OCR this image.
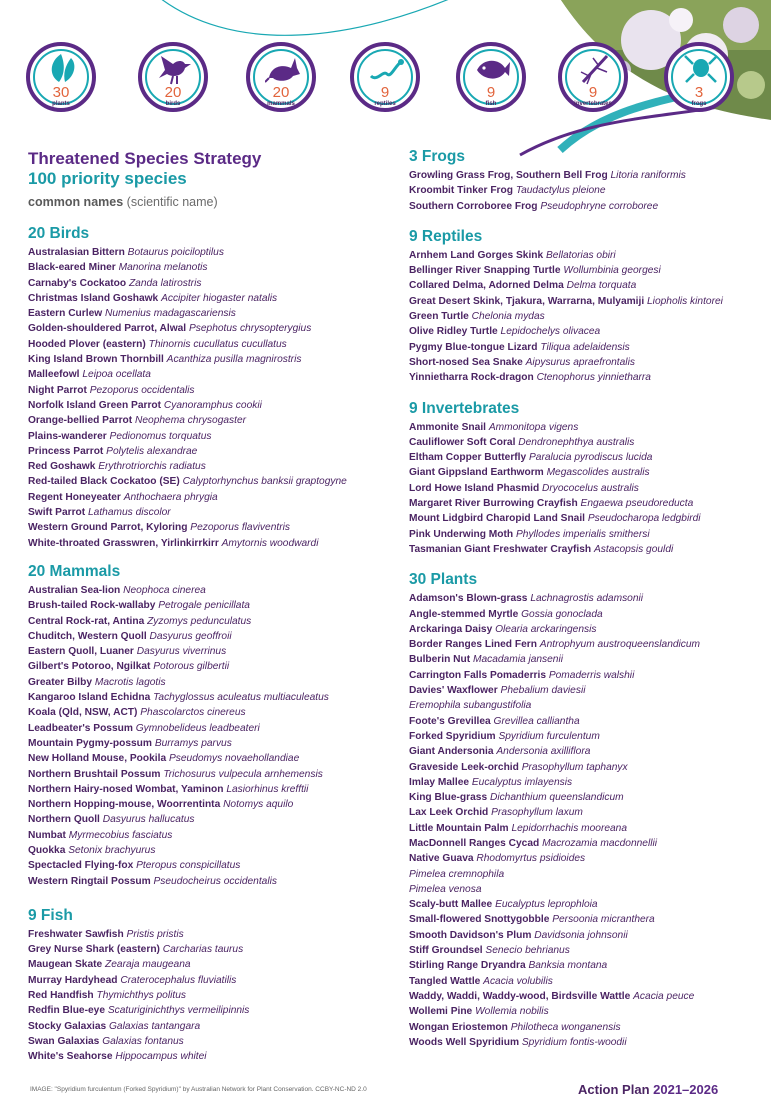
30
plants
20
birds
20
mammals
9
reptiles
9
fish
9
invertebrates
3
frogs
Threatened Species Strategy
100 priority species

common names (scientific name)

20 Birds
Australasian Bittern Botaurus poiciloptilus
Black-eared Miner Manorina melanotis
Carnaby's Cockatoo Zanda latirostris
Christmas Island Goshawk Accipiter hiogaster natalis
Eastern Curlew Numenius madagascariensis
Golden-shouldered Parrot, Alwal Psephotus chrysopterygius
Hooded Plover (eastern) Thinornis cucullatus cucullatus
King Island Brown Thornbill Acanthiza pusilla magnirostris
Malleefowl Leipoa ocellata
Night Parrot Pezoporus occidentalis
Norfolk Island Green Parrot Cyanoramphus cookii
Orange-bellied Parrot Neophema chrysogaster
Plains-wanderer Pedionomus torquatus
Princess Parrot Polytelis alexandrae
Red Goshawk Erythrotriorchis radiatus
Red-tailed Black Cockatoo (SE) Calyptorhynchus banksii graptogyne
Regent Honeyeater Anthochaera phrygia
Swift Parrot Lathamus discolor
Western Ground Parrot, Kyloring Pezoporus flaviventris
White-throated Grasswren, Yirlinkirrkirr Amytornis woodwardi
20 Mammals
Australian Sea-lion Neophoca cinerea
Brush-tailed Rock-wallaby Petrogale penicillata
Central Rock-rat, Antina Zyzomys pedunculatus
Chuditch, Western Quoll Dasyurus geoffroii
Eastern Quoll, Luaner Dasyurus viverrinus
Gilbert's Potoroo, Ngilkat Potorous gilbertii
Greater Bilby Macrotis lagotis
Kangaroo Island Echidna Tachyglossus aculeatus multiaculeatus
Koala (Qld, NSW, ACT) Phascolarctos cinereus
Leadbeater's Possum Gymnobelideus leadbeateri
Mountain Pygmy-possum Burramys parvus
New Holland Mouse, Pookila Pseudomys novaehollandiae
Northern Brushtail Possum Trichosurus vulpecula arnhemensis
Northern Hairy-nosed Wombat, Yaminon Lasiorhinus krefftii
Northern Hopping-mouse, Woorrentinta Notomys aquilo
Northern Quoll Dasyurus hallucatus
Numbat Myrmecobius fasciatus
Quokka Setonix brachyurus
Spectacled Flying-fox Pteropus conspicillatus
Western Ringtail Possum Pseudocheirus occidentalis
9 Fish
Freshwater Sawfish Pristis pristis
Grey Nurse Shark (eastern) Carcharias taurus
Maugean Skate Zearaja maugeana
Murray Hardyhead Craterocephalus fluviatilis
Red Handfish Thymichthys politus
Redfin Blue-eye Scaturiginichthys vermeilipinnis
Stocky Galaxias Galaxias tantangara
Swan Galaxias Galaxias fontanus
White's Seahorse Hippocampus whitei
3 Frogs
Growling Grass Frog, Southern Bell Frog Litoria raniformis
Kroombit Tinker Frog Taudactylus pleione
Southern Corroboree Frog Pseudophryne corroboree
9 Reptiles
Arnhem Land Gorges Skink Bellatorias obiri
Bellinger River Snapping Turtle Wollumbinia georgesi
Collared Delma, Adorned Delma Delma torquata
Great Desert Skink, Tjakura, Warrarna, Mulyamiji Liopholis kintorei
Green Turtle Chelonia mydas
Olive Ridley Turtle Lepidochelys olivacea
Pygmy Blue-tongue Lizard Tiliqua adelaidensis
Short-nosed Sea Snake Aipysurus apraefrontalis
Yinnietharra Rock-dragon Ctenophorus yinnietharra
9 Invertebrates
Ammonite Snail Ammonitopa vigens
Cauliflower Soft Coral Dendronephthya australis
Eltham Copper Butterfly Paralucia pyrodiscus lucida
Giant Gippsland Earthworm Megascolides australis
Lord Howe Island Phasmid Dryococelus australis
Margaret River Burrowing Crayfish Engaewa pseudoreducta
Mount Lidgbird Charopid Land Snail Pseudocharopa ledgbirdi
Pink Underwing Moth Phyllodes imperialis smithersi
Tasmanian Giant Freshwater Crayfish Astacopsis gouldi
30 Plants
Adamson's Blown-grass Lachnagrostis adamsonii
Angle-stemmed Myrtle Gossia gonoclada
Arckaringa Daisy Olearia arckaringensis
Border Ranges Lined Fern Antrophyum austroqueenslandicum
Bulberin Nut Macadamia jansenii
Carrington Falls Pomaderris Pomaderris walshii
Davies' Waxflower Phebalium daviesii
Eremophila subangustifolia
Foote's Grevillea Grevillea calliantha
Forked Spyridium Spyridium furculentum
Giant Andersonia Andersonia axilliflora
Graveside Leek-orchid Prasophyllum taphanyx
Imlay Mallee Eucalyptus imlayensis
King Blue-grass Dichanthium queenslandicum
Lax Leek Orchid Prasophyllum laxum
Little Mountain Palm Lepidorrhachis mooreana
MacDonnell Ranges Cycad Macrozamia macdonnellii
Native Guava Rhodomyrtus psidioides
Pimelea cremnophila
Pimelea venosa
Scaly-butt Mallee Eucalyptus leprophloia
Small-flowered Snottygobble Persoonia micranthera
Smooth Davidson's Plum Davidsonia johnsonii
Stiff Groundsel Senecio behrianus
Stirling Range Dryandra Banksia montana
Tangled Wattle Acacia volubilis
Waddy, Waddi, Waddy-wood, Birdsville Wattle Acacia peuce
Wollemi Pine Wollemia nobilis
Wongan Eriostemon Philotheca wonganensis
Woods Well Spyridium Spyridium fontis-woodii
IMAGE: "Spyridium furculentum (Forked Spyridium)" by Australian Network for Plant Conservation. CCBY-NC-ND 2.0	Action Plan 2021–2026
